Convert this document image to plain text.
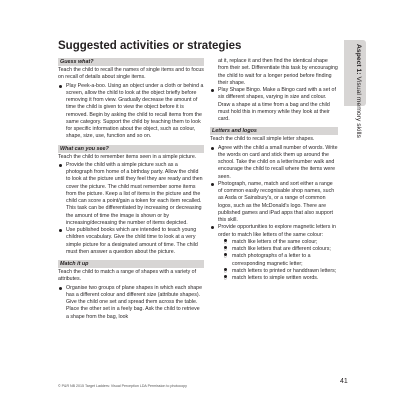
Suggested activities or strategies
Guess what?
Teach the child to recall the names of single items and to focus on recall of details about single items.
Play Peek-a-boo. Using an object under a cloth or behind a screen, allow the child to look at the object briefly before removing it from view. Gradually decrease the amount of time the child is given to view the object before it is removed. Begin by asking the child to recall items from the same category. Support the child by teaching them to look for specific information about the object, such as colour, shape, size, use, function and so on.
What can you see?
Teach the child to remember items seen in a simple picture.
Provide the child with a simple picture such as a photograph from home of a birthday party. Allow the child to look at the picture until they feel they are ready and then cover the picture. The child must remember some items from the picture. Keep a list of items in the picture and the child can score a point/gain a token for each item recalled. This task can be differentiated by increasing or decreasing the amount of time the image is shown or by increasing/decreasing the number of items depicted.
Use published books which are intended to teach young children vocabulary. Give the child time to look at a very simple picture for a designated amount of time. The child must then answer a question about the picture.
Match it up
Teach the child to match a range of shapes with a variety of attributes.
Organise two groups of plane shapes in which each shape has a different colour and different size (attribute shapes). Give the child one set and spread them across the table. Place the other set in a feely bag. Ask the child to retrieve a shape from the bag, look
at it, replace it and then find the identical shape from their set. Differentiate this task by encouraging the child to wait for a longer period before finding their shape.
Play Shape Bingo. Make a Bingo card with a set of six different shapes, varying in size and colour. Draw a shape at a time from a bag and the child must hold this in memory while they look at their card.
Letters and logos
Teach the child to recall simple letter shapes.
Agree with the child a small number of words. Write the words on card and stick them up around the school. Take the child on a letter/number walk and encourage the child to recall where the items were seen.
Photograph, name, match and sort either a range of common easily recognisable shop names, such as Asda or Sainsbury's, or a range of common logos, such as the McDonald's logo. There are published games and iPad apps that also support this skill.
Provide opportunities to explore magnetic letters in order to match like letters of the same colour:
○ match like letters of the same colour;
○ match like letters that are different colours;
○ match photographs of a letter to a corresponding magnetic letter;
○ match letters to printed or handdrawn letters;
○ match letters to simple written words.
Aspect 1: Visual memory skills
© P&R NB 2015 Target Ladders: Visual Perception LDA Permission to photocopy
41
